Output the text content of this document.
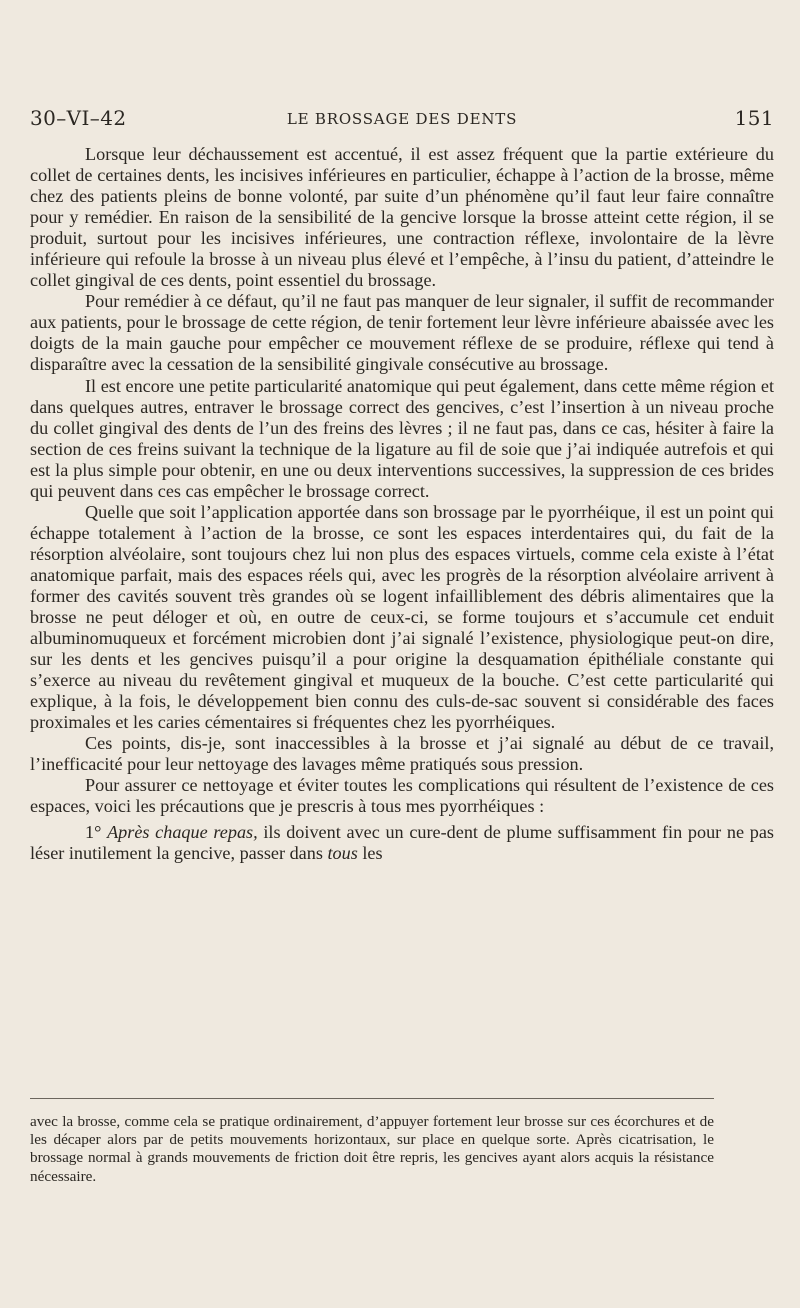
30–VI–42	LE BROSSAGE DES DENTS	151

Lorsque leur déchaussement est accentué, il est assez fréquent que la partie extérieure du collet de certaines dents, les incisives inférieures en particulier, échappe à l’action de la brosse, même chez des patients pleins de bonne volonté, par suite d’un phénomène qu’il faut leur faire connaître pour y remédier. En raison de la sensibilité de la gencive lorsque la brosse atteint cette région, il se produit, surtout pour les incisives inférieures, une contraction réflexe, involontaire de la lèvre inférieure qui refoule la brosse à un niveau plus élevé et l’empêche, à l’insu du patient, d’atteindre le collet gingival de ces dents, point essentiel du brossage.

Pour remédier à ce défaut, qu’il ne faut pas manquer de leur signaler, il suffit de recommander aux patients, pour le brossage de cette région, de tenir fortement leur lèvre inférieure abaissée avec les doigts de la main gauche pour empêcher ce mouvement réflexe de se produire, réflexe qui tend à disparaître avec la cessation de la sensibilité gingivale consécutive au brossage.

Il est encore une petite particularité anatomique qui peut également, dans cette même région et dans quelques autres, entraver le brossage correct des gencives, c’est l’insertion à un niveau proche du collet gingival des dents de l’un des freins des lèvres ; il ne faut pas, dans ce cas, hésiter à faire la section de ces freins suivant la technique de la ligature au fil de soie que j’ai indiquée autrefois et qui est la plus simple pour obtenir, en une ou deux interventions successives, la suppression de ces brides qui peuvent dans ces cas empêcher le brossage correct.

Quelle que soit l’application apportée dans son brossage par le pyorrhéique, il est un point qui échappe totalement à l’action de la brosse, ce sont les espaces interdentaires qui, du fait de la résorption alvéolaire, sont toujours chez lui non plus des espaces virtuels, comme cela existe à l’état anatomique parfait, mais des espaces réels qui, avec les progrès de la résorption alvéolaire arrivent à former des cavités souvent très grandes où se logent infailliblement des débris alimentaires que la brosse ne peut déloger et où, en outre de ceux-ci, se forme toujours et s’accumule cet enduit albuminomuqueux et forcément microbien dont j’ai signalé l’existence, physiologique peut-on dire, sur les dents et les gencives puisqu’il a pour origine la desquamation épithéliale constante qui s’exerce au niveau du revêtement gingival et muqueux de la bouche. C’est cette particularité qui explique, à la fois, le développement bien connu des culs-de-sac souvent si considérable des faces proximales et les caries cémentaires si fréquentes chez les pyorrhéiques.

Ces points, dis-je, sont inaccessibles à la brosse et j’ai signalé au début de ce travail, l’inefficacité pour leur nettoyage des lavages même pratiqués sous pression.

Pour assurer ce nettoyage et éviter toutes les complications qui résultent de l’existence de ces espaces, voici les précautions que je prescris à tous mes pyorrhéiques :

1° Après chaque repas, ils doivent avec un cure-dent de plume suffisamment fin pour ne pas léser inutilement la gencive, passer dans tous les

avec la brosse, comme cela se pratique ordinairement, d’appuyer fortement leur brosse sur ces écorchures et de les décaper alors par de petits mouvements horizontaux, sur place en quelque sorte. Après cicatrisation, le brossage normal à grands mouvements de friction doit être repris, les gencives ayant alors acquis la résistance nécessaire.
